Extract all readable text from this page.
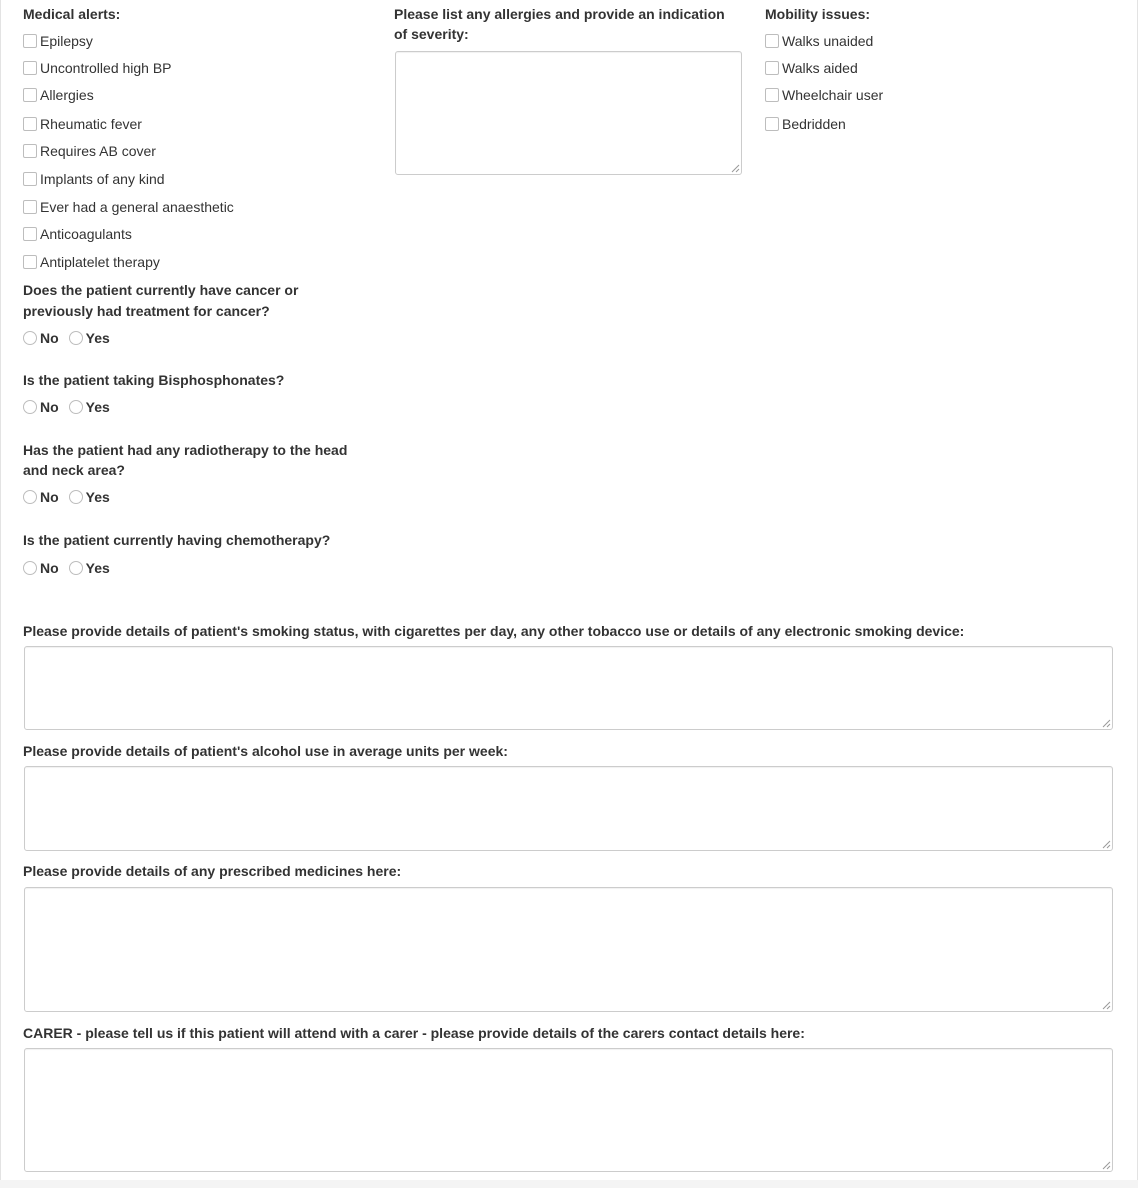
Medical alerts:
Epilepsy
Uncontrolled high BP
Allergies
Rheumatic fever
Requires AB cover
Implants of any kind
Ever had a general anaesthetic
Anticoagulants
Antiplatelet therapy
Please list any allergies and provide an indication of severity:
Mobility issues:
Walks unaided
Walks aided
Wheelchair user
Bedridden
Does the patient currently have cancer or previously had treatment for cancer?
No Yes
Is the patient taking Bisphosphonates?
No Yes
Has the patient had any radiotherapy to the head and neck area?
No Yes
Is the patient currently having chemotherapy?
No Yes
Please provide details of patient's smoking status, with cigarettes per day, any other tobacco use or details of any electronic smoking device:
Please provide details of patient's alcohol use in average units per week:
Please provide details of any prescribed medicines here:
CARER - please tell us if this patient will attend with a carer - please provide details of the carers contact details here:
